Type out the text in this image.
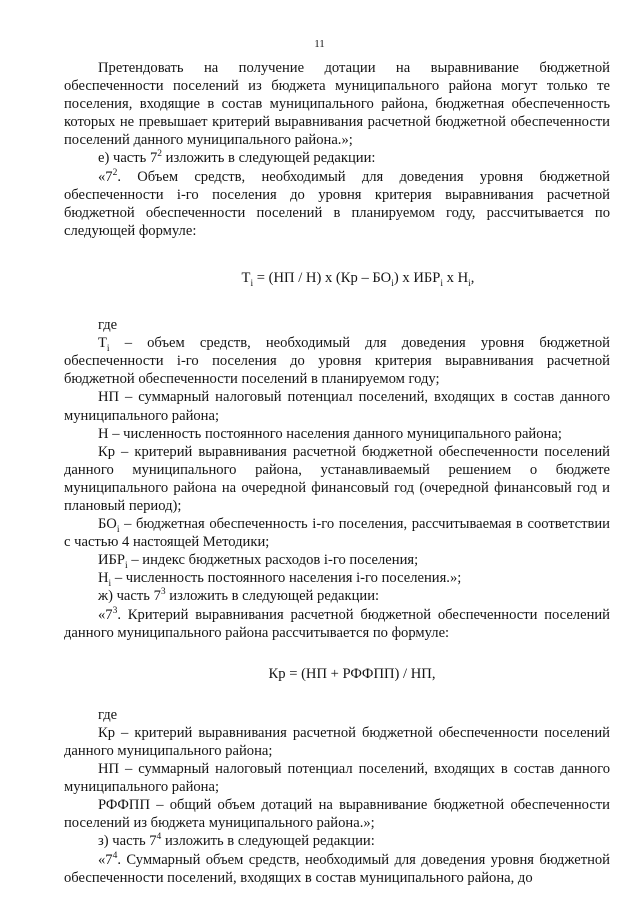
11

Претендовать на получение дотации на выравнивание бюджетной обеспеченности поселений из бюджета муниципального района могут только те поселения, входящие в состав муниципального района, бюджетная обеспеченность которых не превышает критерий выравнивания расчетной бюджетной обеспеченности поселений данного муниципального района.»;

е) часть $7^2$ изложить в следующей редакции:

«$7^2$. Объем средств, необходимый для доведения уровня бюджетной обеспеченности i-го поселения до уровня критерия выравнивания расчетной бюджетной обеспеченности поселений в планируемом году, рассчитывается по следующей формуле:

$T_i = (НП / Н)$ х $(Кр - БО_i)$ х $ИБР_i$ х $Н_i$,

где

$T_i$ – объем средств, необходимый для доведения уровня бюджетной обеспеченности i-го поселения до уровня критерия выравнивания расчетной бюджетной обеспеченности поселений в планируемом году;

НП – суммарный налоговый потенциал поселений, входящих в состав данного муниципального района;

Н – численность постоянного населения данного муниципального района;

Кр – критерий выравнивания расчетной бюджетной обеспеченности поселений данного муниципального района, устанавливаемый решением о бюджете муниципального района на очередной финансовый год (очередной финансовый год и плановый период);

$БО_i$ – бюджетная обеспеченность i-го поселения, рассчитываемая в соответствии с частью 4 настоящей Методики;

$ИБР_i$ – индекс бюджетных расходов i-го поселения;

$Н_i$ – численность постоянного населения i-го поселения.»;

ж) часть $7^3$ изложить в следующей редакции:

«$7^3$. Критерий выравнивания расчетной бюджетной обеспеченности поселений данного муниципального района рассчитывается по формуле:

Кр = (НП + РФФПП) / НП,

где

Кр – критерий выравнивания расчетной бюджетной обеспеченности поселений данного муниципального района;

НП – суммарный налоговый потенциал поселений, входящих в состав данного муниципального района;

РФФПП – общий объем дотаций на выравнивание бюджетной обеспеченности поселений из бюджета муниципального района.»;

з) часть $7^4$ изложить в следующей редакции:

«$7^4$. Суммарный объем средств, необходимый для доведения уровня бюджетной обеспеченности поселений, входящих в состав муниципального района, до
